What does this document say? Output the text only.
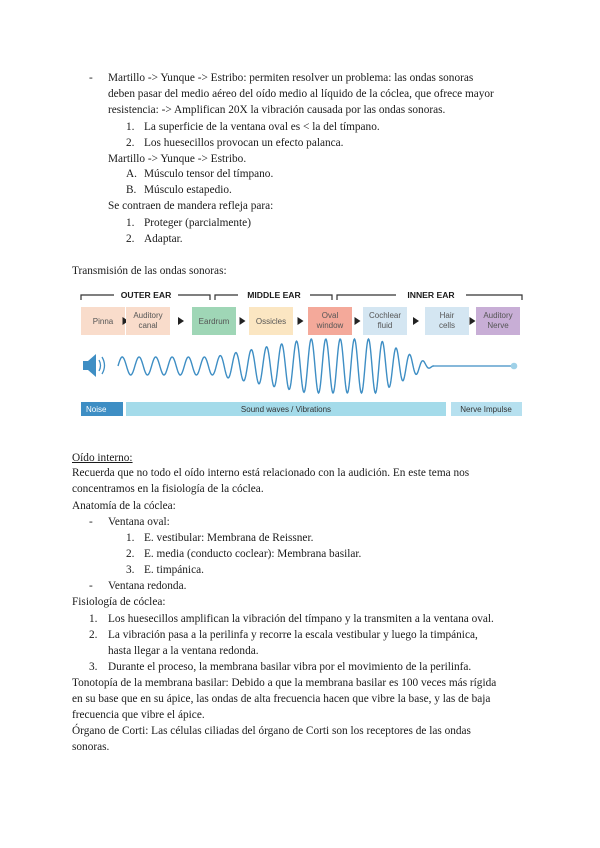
- Martillo -> Yunque -> Estribo: permiten resolver un problema: las ondas sonoras
deben pasar del medio aéreo del oído medio al líquido de la cóclea, que ofrece mayor
resistencia: -> Amplifican 20X la vibración causada por las ondas sonoras.
1. La superficie de la ventana oval es < la del tímpano.
2. Los huesecillos provocan un efecto palanca.
Martillo -> Yunque -> Estribo.
A. Músculo tensor del tímpano.
B. Músculo estapedio.
Se contraen de mandera refleja para:
1. Proteger (parcialmente)
2. Adaptar.
Transmisión de las ondas sonoras:
OUTER EAR	MIDDLE EAR	INNER EAR
Pinna
Auditory
canal	Eardrum	Ossicles
Oval
window
Cochlear
fluid
Hair
cells
Auditory
Nerve
Noise	Sound waves / Vibrations	Nerve Impulse
Oído interno:
Recuerda que no todo el oído interno está relacionado con la audición. En este tema nos
concentramos en la fisiología de la cóclea.
Anatomía de la cóclea:
- Ventana oval:
1. E. vestibular: Membrana de Reissner.
2. E. media (conducto coclear): Membrana basilar.
3. E. timpánica.
- Ventana redonda.
Fisiología de cóclea:
1. Los huesecillos amplifican la vibración del tímpano y la transmiten a la ventana oval.
2. La vibración pasa a la perilinfa y recorre la escala vestibular y luego la timpánica,
hasta llegar a la ventana redonda.
3. Durante el proceso, la membrana basilar vibra por el movimiento de la perilinfa.
Tonotopía de la membrana basilar: Debido a que la membrana basilar es 100 veces más rígida
en su base que en su ápice, las ondas de alta frecuencia hacen que vibre la base, y las de baja
frecuencia que vibre el ápice.
Órgano de Corti: Las células ciliadas del órgano de Corti son los receptores de las ondas
sonoras.
